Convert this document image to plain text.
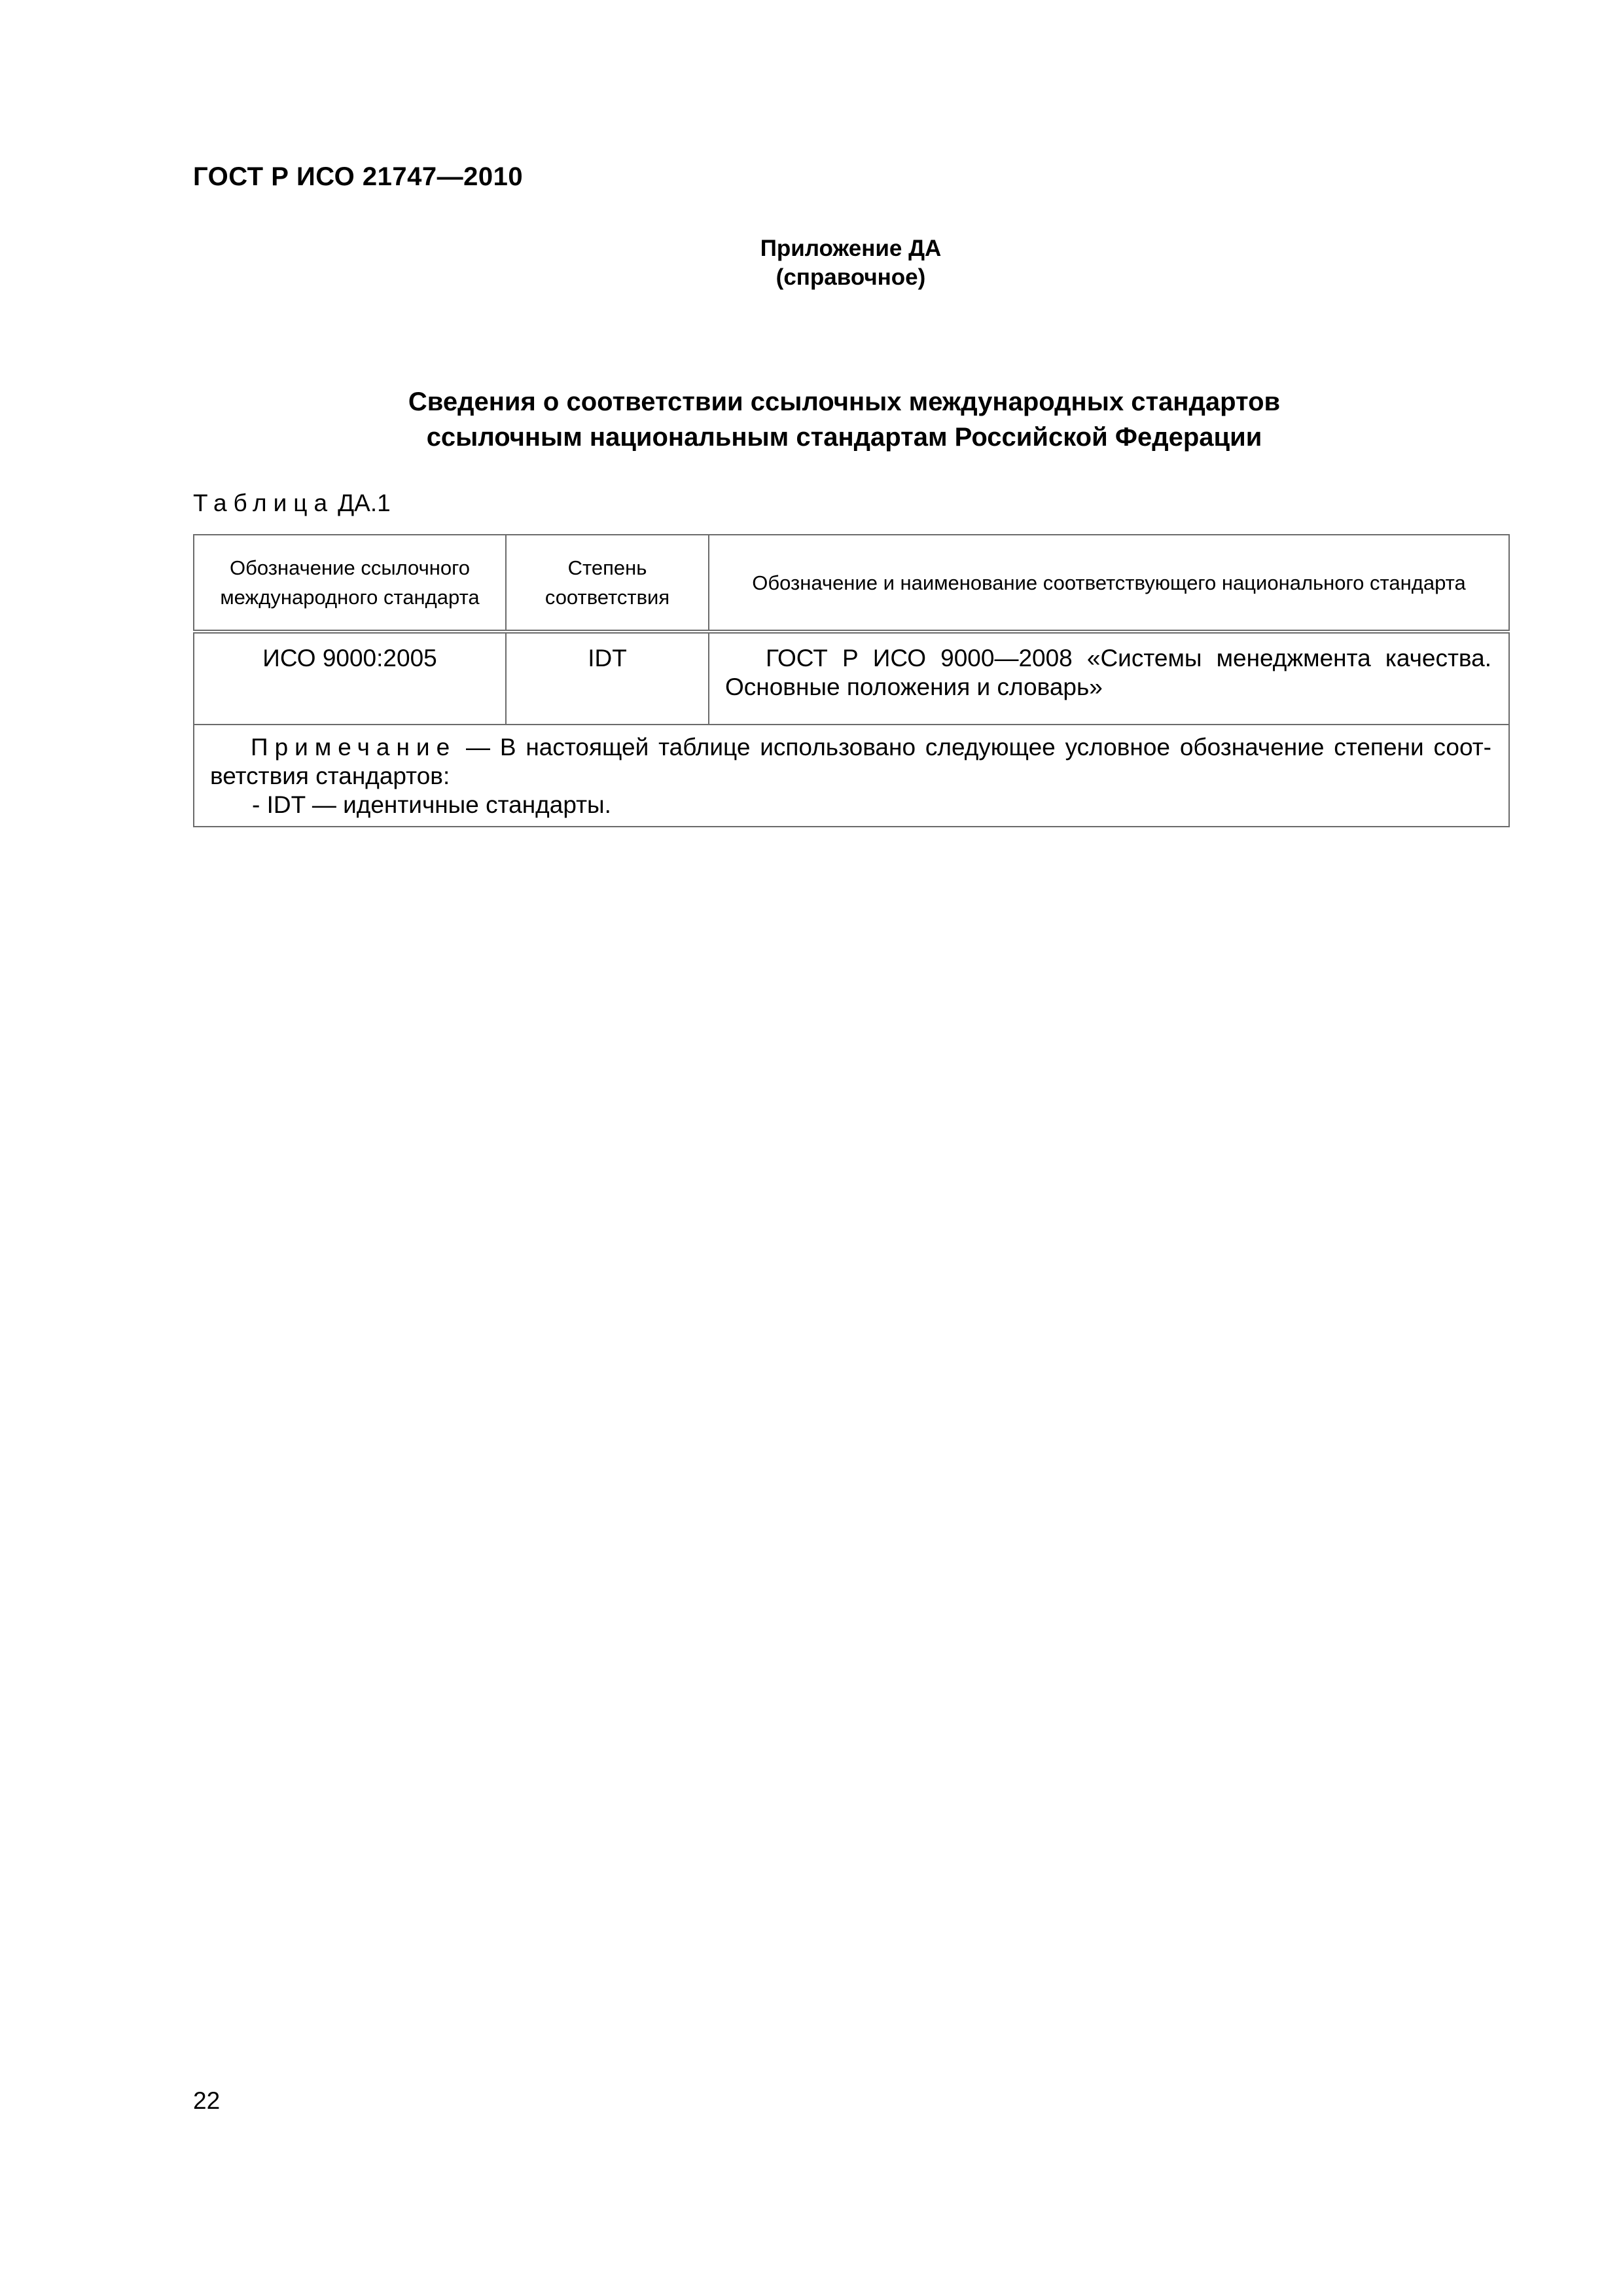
ГОСТ Р ИСО 21747—2010
Приложение ДА
(справочное)
Сведения о соответствии ссылочных международных стандартов
ссылочным национальным стандартам Российской Федерации
Таблица ДА.1
Обозначение ссылочного международного стандарта	Степень соответствия	Обозначение и наименование соответствующего национального стандарта
ИСО 9000:2005	IDT	ГОСТ Р ИСО 9000—2008 «Системы менеджмента качества.
Основные положения и словарь»

Примечание — В настоящей таблице использовано следующее условное обозначение степени соот-
ветствия стандартов:
- IDT — идентичные стандарты.		
22
